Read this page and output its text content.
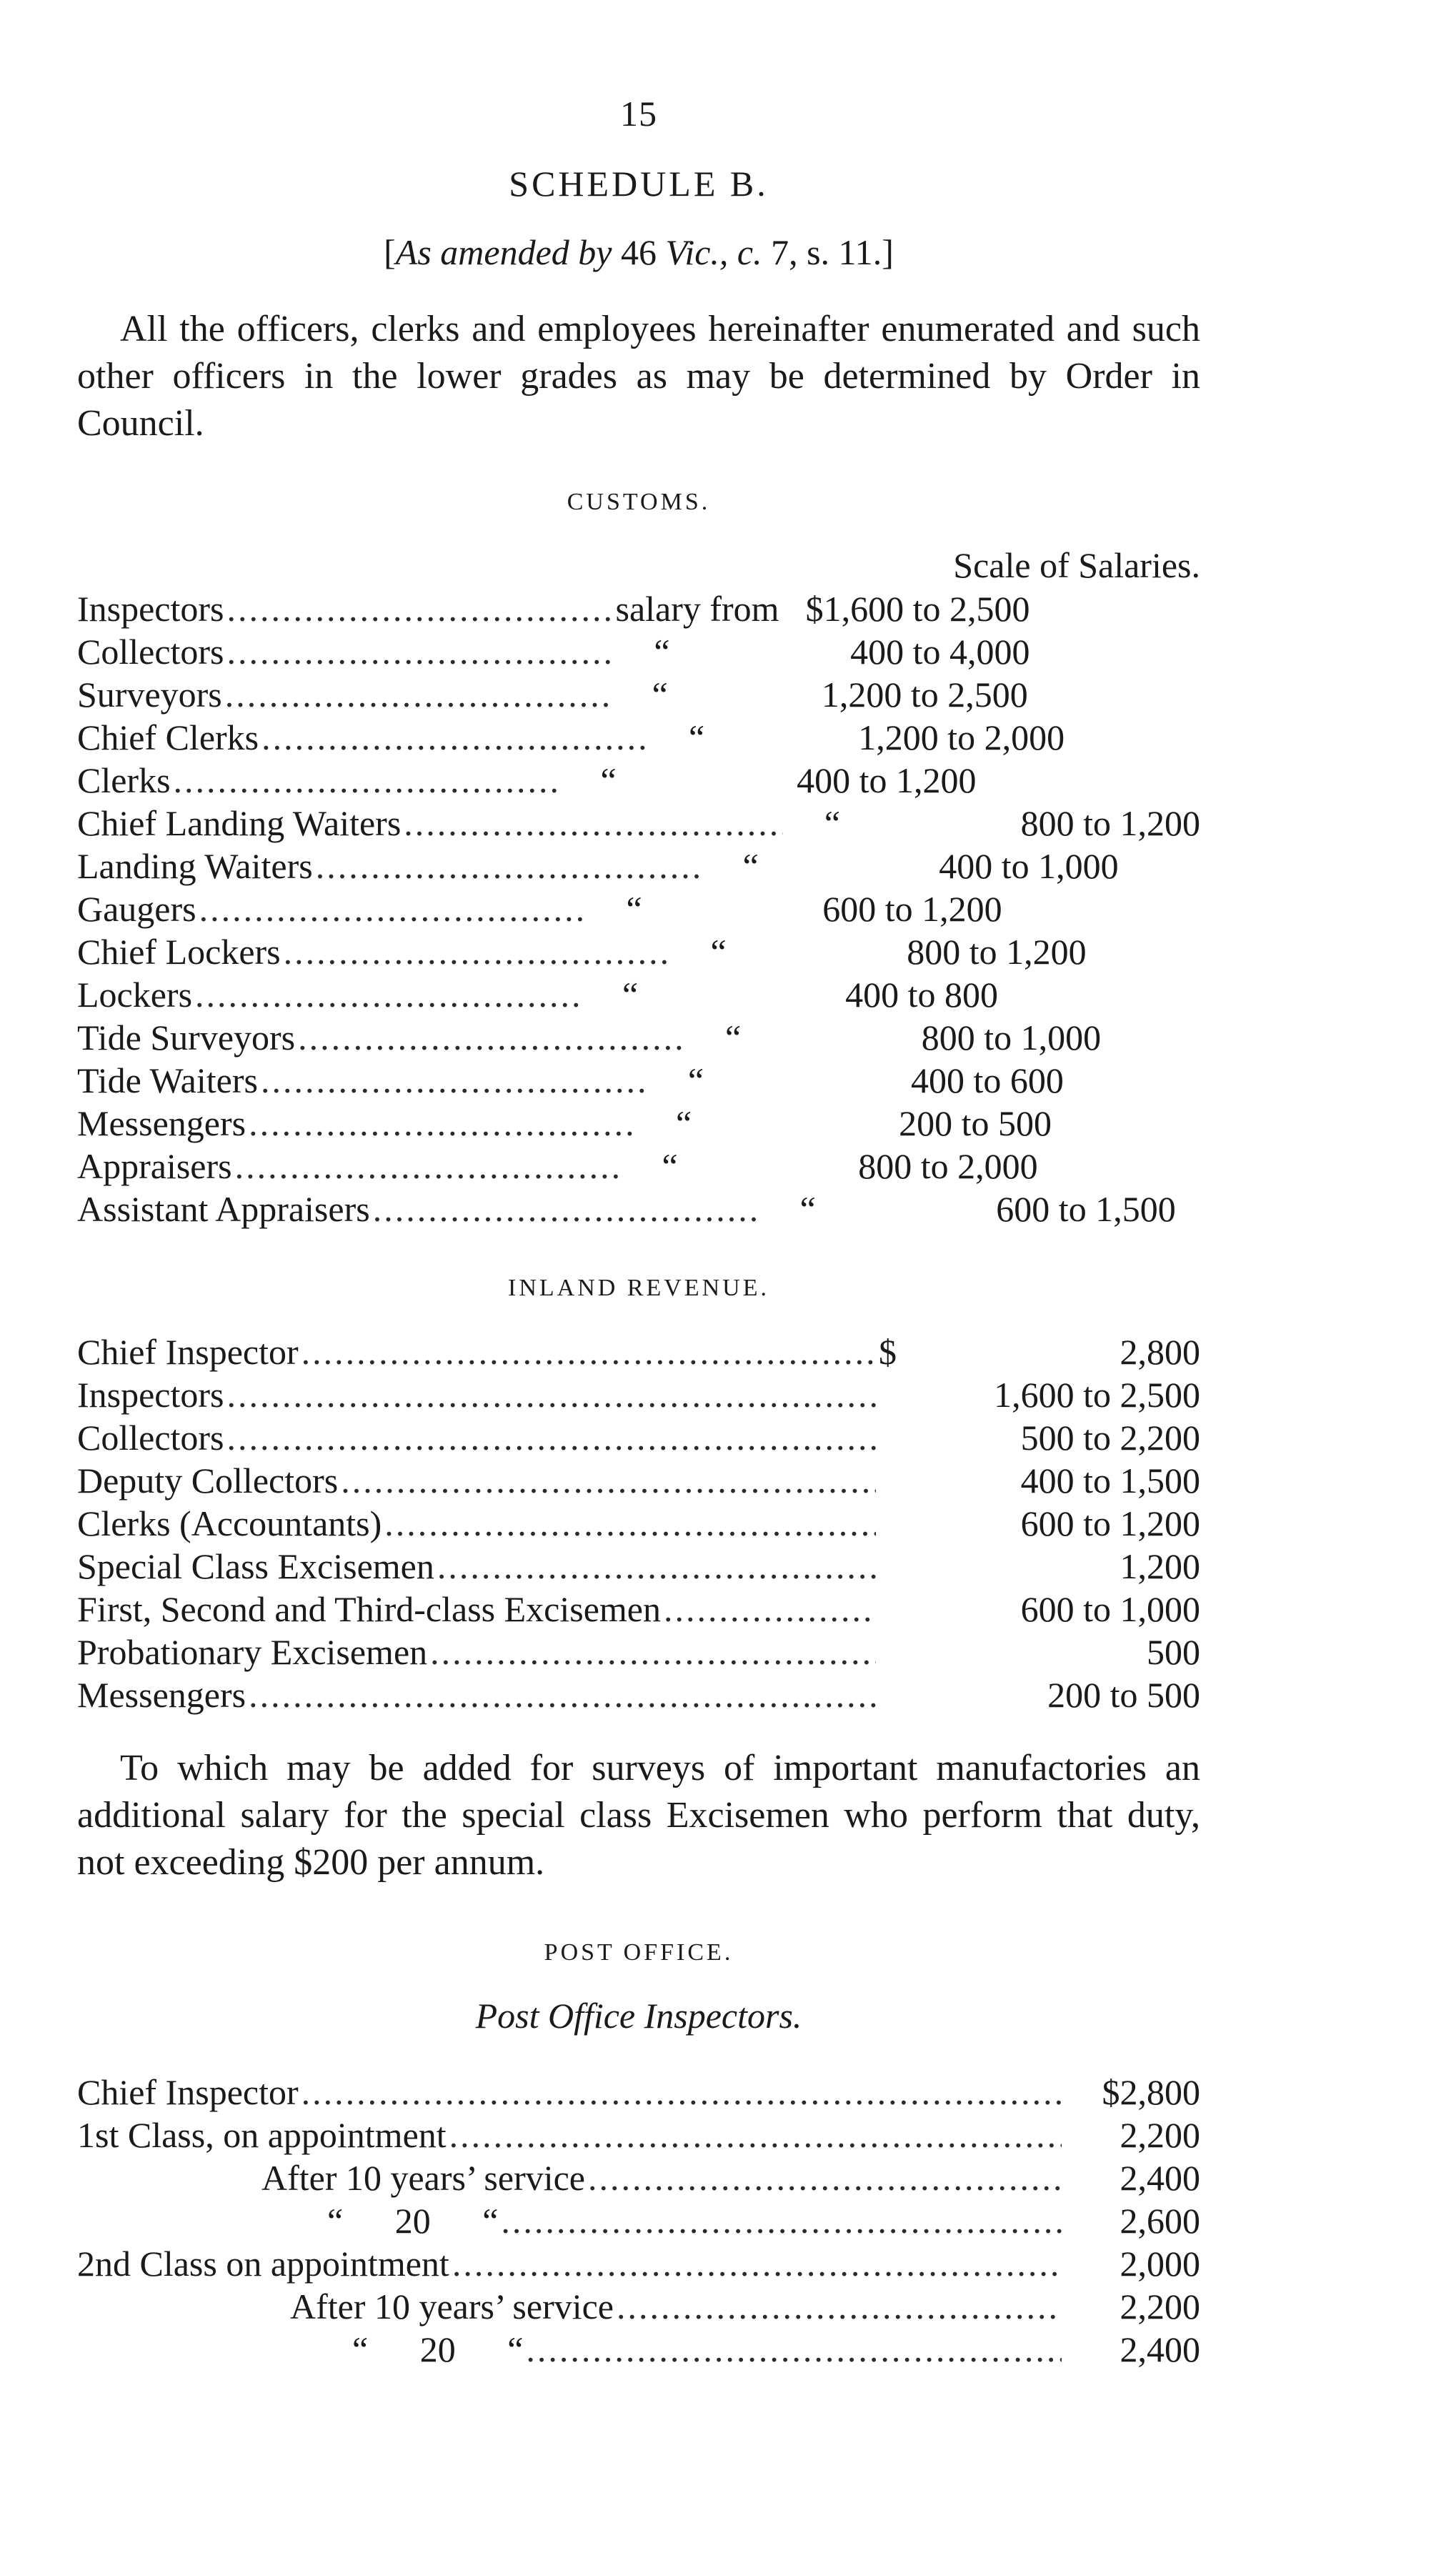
15
SCHEDULE B.
[As amended by 46 Vic., c. 7, s. 11.]

All the officers, clerks and employees hereinafter enumerated and such other officers in the lower grades as may be determined by Order in Council.

CUSTOMS.
Scale of Salaries.
Inspectors .....	salary from $1,600 to 2,500
Collectors .....	“	400 to 4,000
Surveyors .....	“	1,200 to 2,500
Chief Clerks .....	“	1,200 to 2,000
Clerks .....	“	400 to 1,200
Chief Landing Waiters .....	“	800 to 1,200
Landing Waiters .....	“	400 to 1,000
Gaugers .....	“	600 to 1,200
Chief Lockers .....	“	800 to 1,200
Lockers .....	“	400 to 800
Tide Surveyors .....	“	800 to 1,000
Tide Waiters .....	“	400 to 600
Messengers .....	“	200 to 500
Appraisers .....	“	800 to 2,000
Assistant Appraisers .....	“	600 to 1,500
INLAND REVENUE.
Chief Inspector .....	$	2,800
Inspectors .....	1,600 to 2,500
Collectors .....	500 to 2,200
Deputy Collectors .....	400 to 1,500
Clerks (Accountants) .....	600 to 1,200
Special Class Excisemen .....	1,200
First, Second and Third-class Excisemen .....	600 to 1,000
Probationary Excisemen .....	500
Messengers .....	200 to 500

To which may be added for surveys of important manufactories an additional salary for the special class Excisemen who perform that duty, not exceeding $200 per annum.

POST OFFICE.
Post Office Inspectors.
Chief Inspector .....	$2,800
1st Class, on appointment .....	2,200
After 10 years’ service .....	2,400
“ 20 “ .....	2,600
2nd Class on appointment .....	2,000
After 10 years’ service .....	2,200
“ 20 “ .....	2,400
